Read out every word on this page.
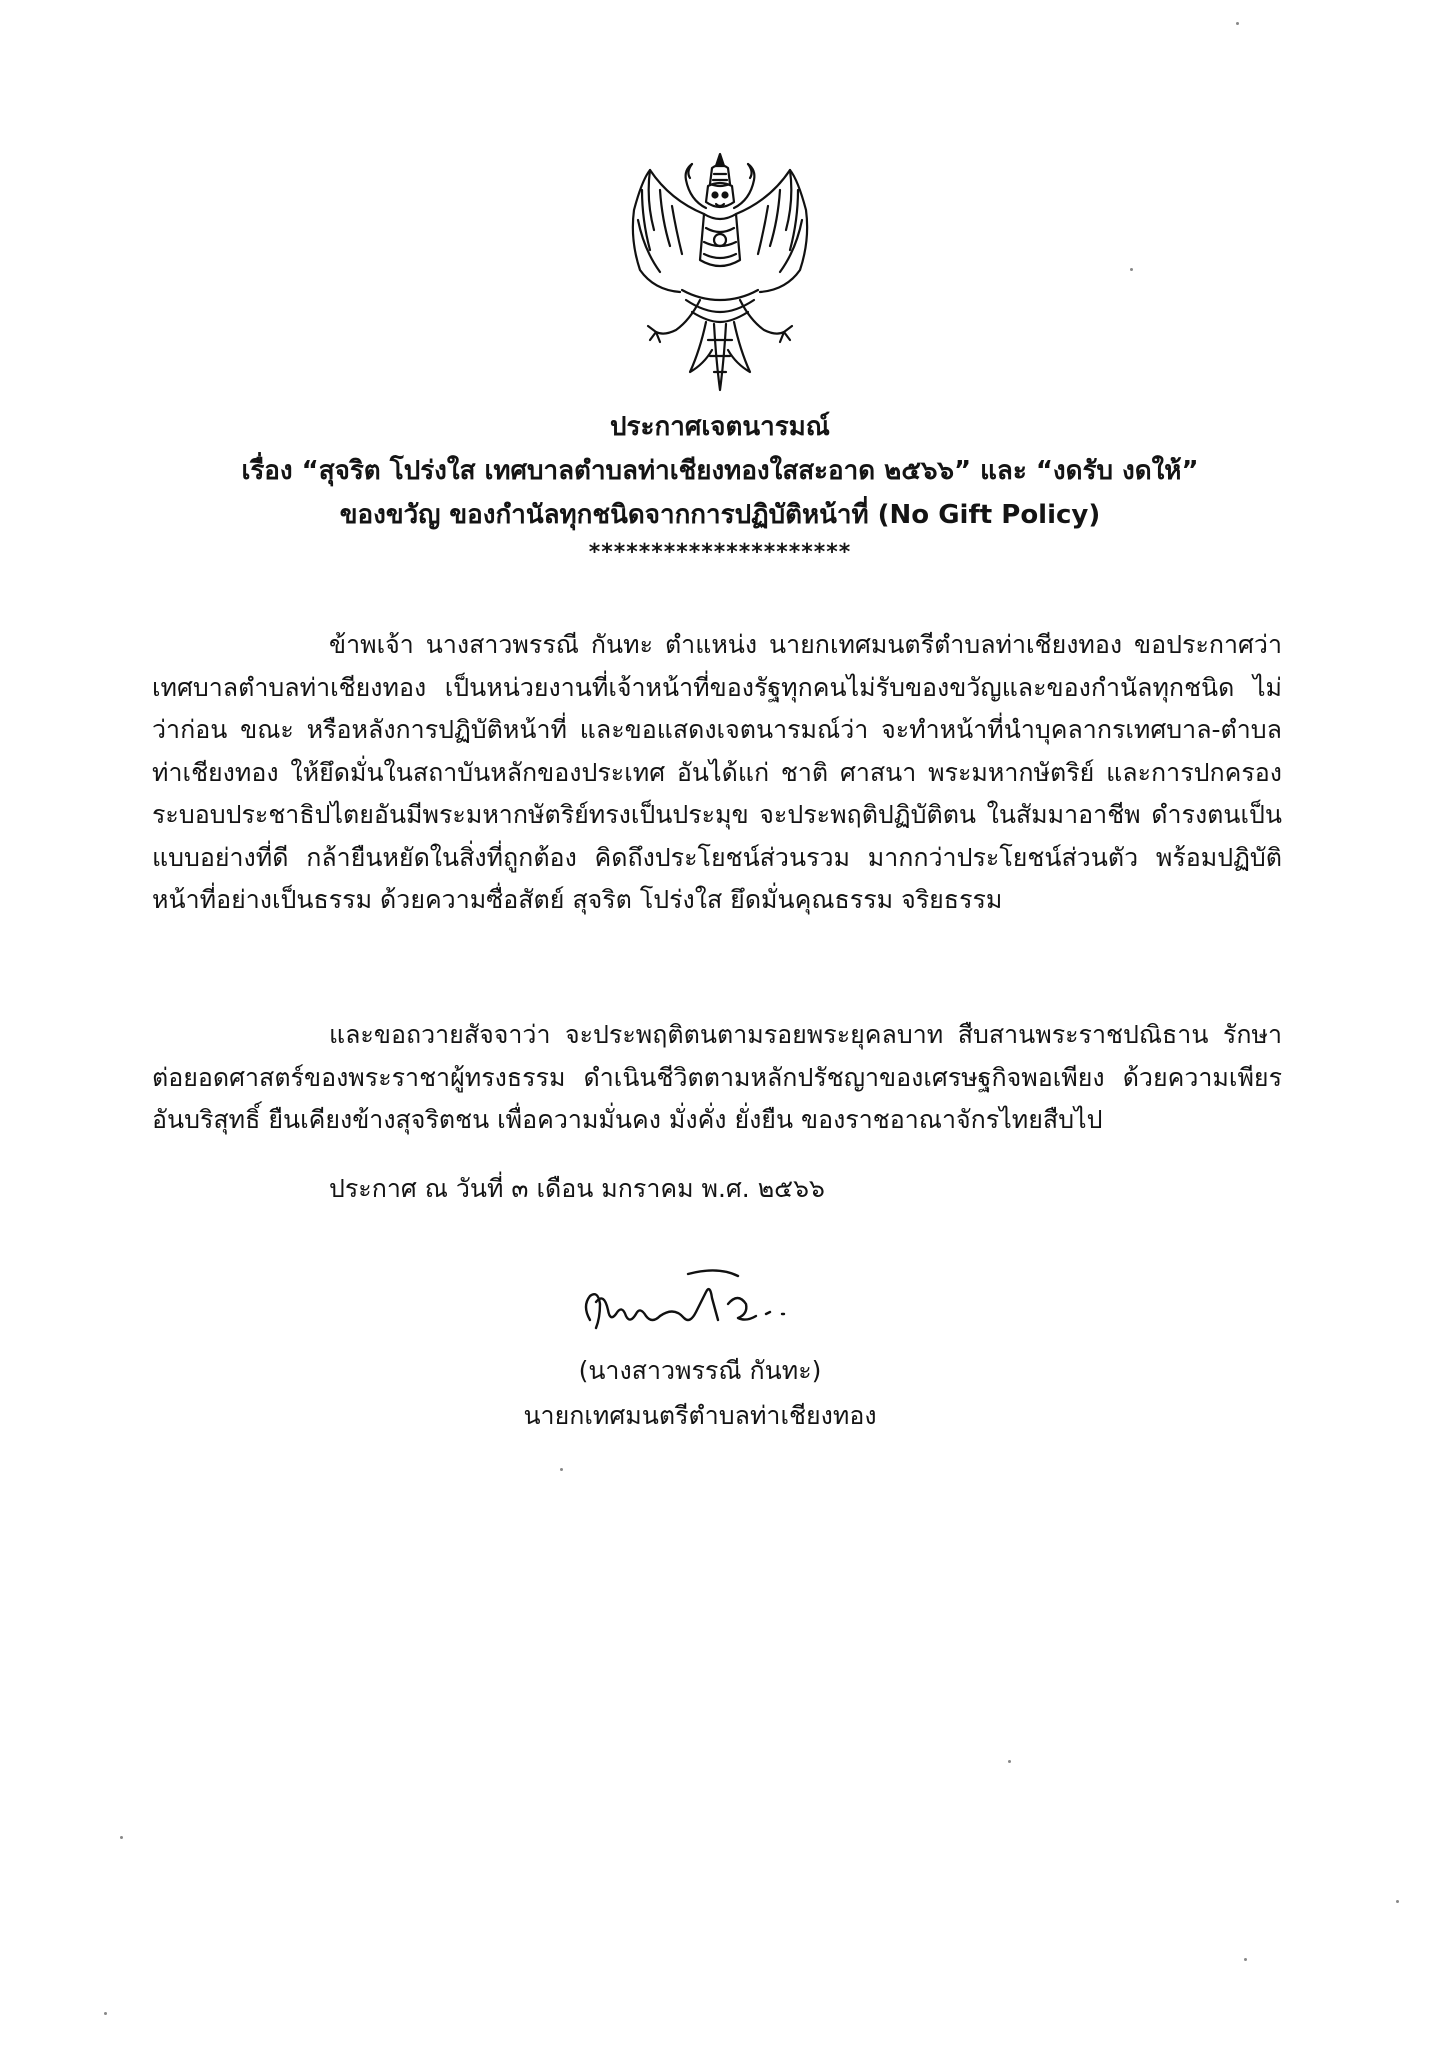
ประกาศเจตนารมณ์
เรื่อง “สุจริต โปร่งใส เทศบาลตำบลท่าเชียงทองใสสะอาด ๒๕๖๖” และ “งดรับ งดให้”
ของขวัญ ของกำนัลทุกชนิดจากการปฏิบัติหน้าที่ (No Gift Policy)
*********************
ข้าพเจ้า นางสาวพรรณี กันทะ ตำแหน่ง นายกเทศมนตรีตำบลท่าเชียงทอง ขอประกาศว่า เทศบาลตำบลท่าเชียงทอง เป็นหน่วยงานที่เจ้าหน้าที่ของรัฐทุกคนไม่รับของขวัญและของกำนัลทุกชนิด ไม่ว่าก่อน ขณะ หรือหลังการปฏิบัติหน้าที่ และขอแสดงเจตนารมณ์ว่า จะทำหน้าที่นำบุคลากรเทศบาล-ตำบลท่าเชียงทอง ให้ยึดมั่นในสถาบันหลักของประเทศ อันได้แก่ ชาติ ศาสนา พระมหากษัตริย์ และการปกครองระบอบประชาธิปไตยอันมีพระมหากษัตริย์ทรงเป็นประมุข จะประพฤติปฏิบัติตน ในสัมมาอาชีพ ดำรงตนเป็นแบบอย่างที่ดี กล้ายืนหยัดในสิ่งที่ถูกต้อง คิดถึงประโยชน์ส่วนรวม มากกว่าประโยชน์ส่วนตัว พร้อมปฏิบัติหน้าที่อย่างเป็นธรรม ด้วยความซื่อสัตย์ สุจริต โปร่งใส ยึดมั่นคุณธรรม จริยธรรม
และขอถวายสัจจาว่า จะประพฤติตนตามรอยพระยุคลบาท สืบสานพระราชปณิธาน รักษาต่อยอดศาสตร์ของพระราชาผู้ทรงธรรม ดำเนินชีวิตตามหลักปรัชญาของเศรษฐกิจพอเพียง ด้วยความเพียรอันบริสุทธิ์ ยืนเคียงข้างสุจริตชน เพื่อความมั่นคง มั่งคั่ง ยั่งยืน ของราชอาณาจักรไทยสืบไป
ประกาศ ณ วันที่ ๓ เดือน มกราคม พ.ศ. ๒๕๖๖
(นางสาวพรรณี กันทะ)
นายกเทศมนตรีตำบลท่าเชียงทอง
